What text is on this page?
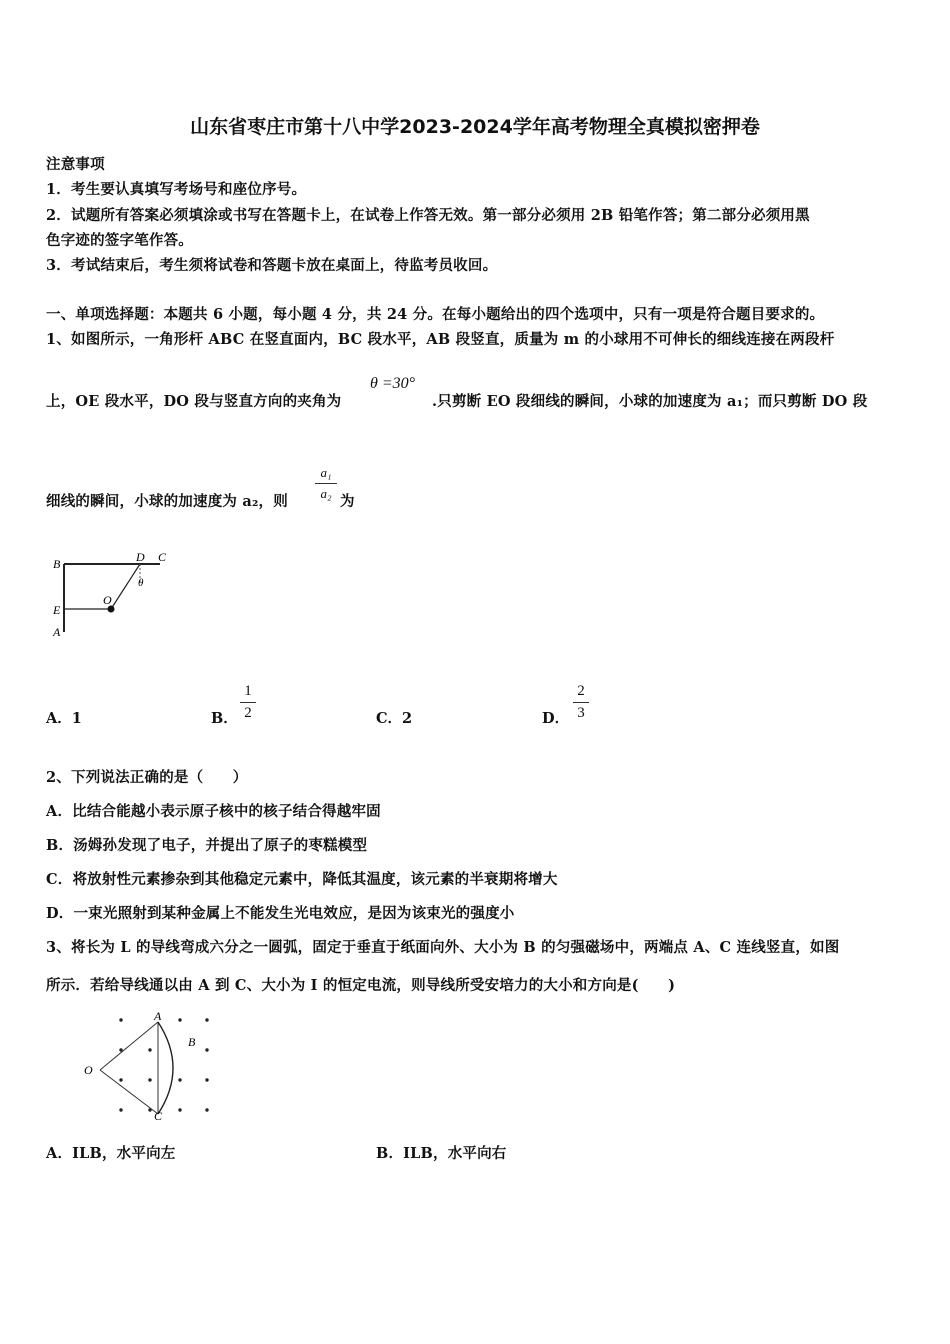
山东省枣庄市第十八中学2023-2024学年高考物理全真模拟密押卷
注意事项
1．考生要认真填写考场号和座位序号。
2．试题所有答案必须填涂或书写在答题卡上，在试卷上作答无效。第一部分必须用 2B 铅笔作答；第二部分必须用黑
色字迹的签字笔作答。
3．考试结束后，考生须将试卷和答题卡放在桌面上，待监考员收回。
一、单项选择题：本题共 6 小题，每小题 4 分，共 24 分。在每小题给出的四个选项中，只有一项是符合题目要求的。
1、如图所示，一角形杆 ABC 在竖直面内，BC 段水平，AB 段竖直，质量为 m 的小球用不可伸长的细线连接在两段杆
上，OE 段水平，DO 段与竖直方向的夹角为
θ =30°
.只剪断 EO 段细线的瞬间，小球的加速度为 a₁；而只剪断 DO 段
细线的瞬间，小球的加速度为 a₂，则
a₁
a₂ 为
B	D C
θ
E
O
A
A．1	B．
1
2	C．2	D．
2
3
2、下列说法正确的是（　　）
A．比结合能越小表示原子核中的核子结合得越牢固
B．汤姆孙发现了电子，并提出了原子的枣糕模型
C．将放射性元素掺杂到其他稳定元素中，降低其温度，该元素的半衰期将增大
D．一束光照射到某种金属上不能发生光电效应，是因为该束光的强度小
3、将长为 L 的导线弯成六分之一圆弧，固定于垂直于纸面向外、大小为 B 的匀强磁场中，两端点 A、C 连线竖直，如图
所示．若给导线通以由 A 到 C、大小为 I 的恒定电流，则导线所受安培力的大小和方向是(　　)
A
B
C
O
A．ILB，水平向左	B．ILB，水平向右
